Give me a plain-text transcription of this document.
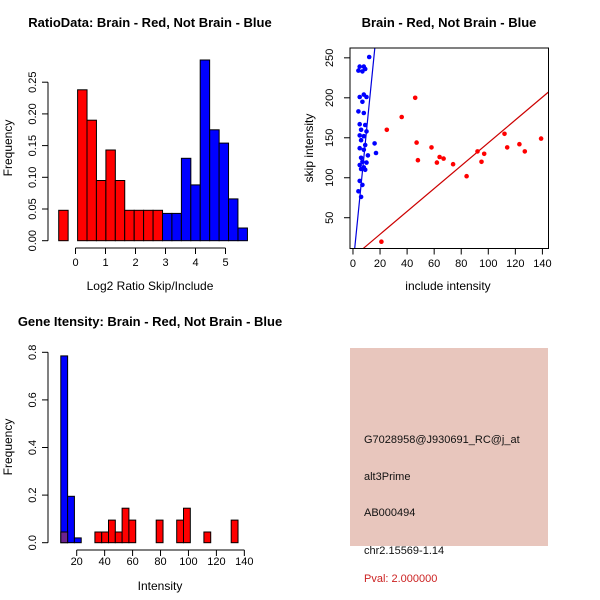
RatioData: Brain - Red, Not Brain - Blue
Log2 Ratio Skip/Include
Frequency
0 1 2 3 4 5
0.00
0.05
0.10
0.15
0.20
0.25
Brain - Red, Not Brain - Blue
include intensity
skip intensity
0 20 40 60 80 100 120 140
50
100
150
200
250
Gene Itensity: Brain - Red, Not Brain - Blue
Intensity
Frequency
20 40 60 80 100 120 140
0.0
0.2
0.4
0.6
0.8
G7028958@J930691_RC@j_at
alt3Prime
AB000494
chr2.15569-1.14
Pval: 2.000000
